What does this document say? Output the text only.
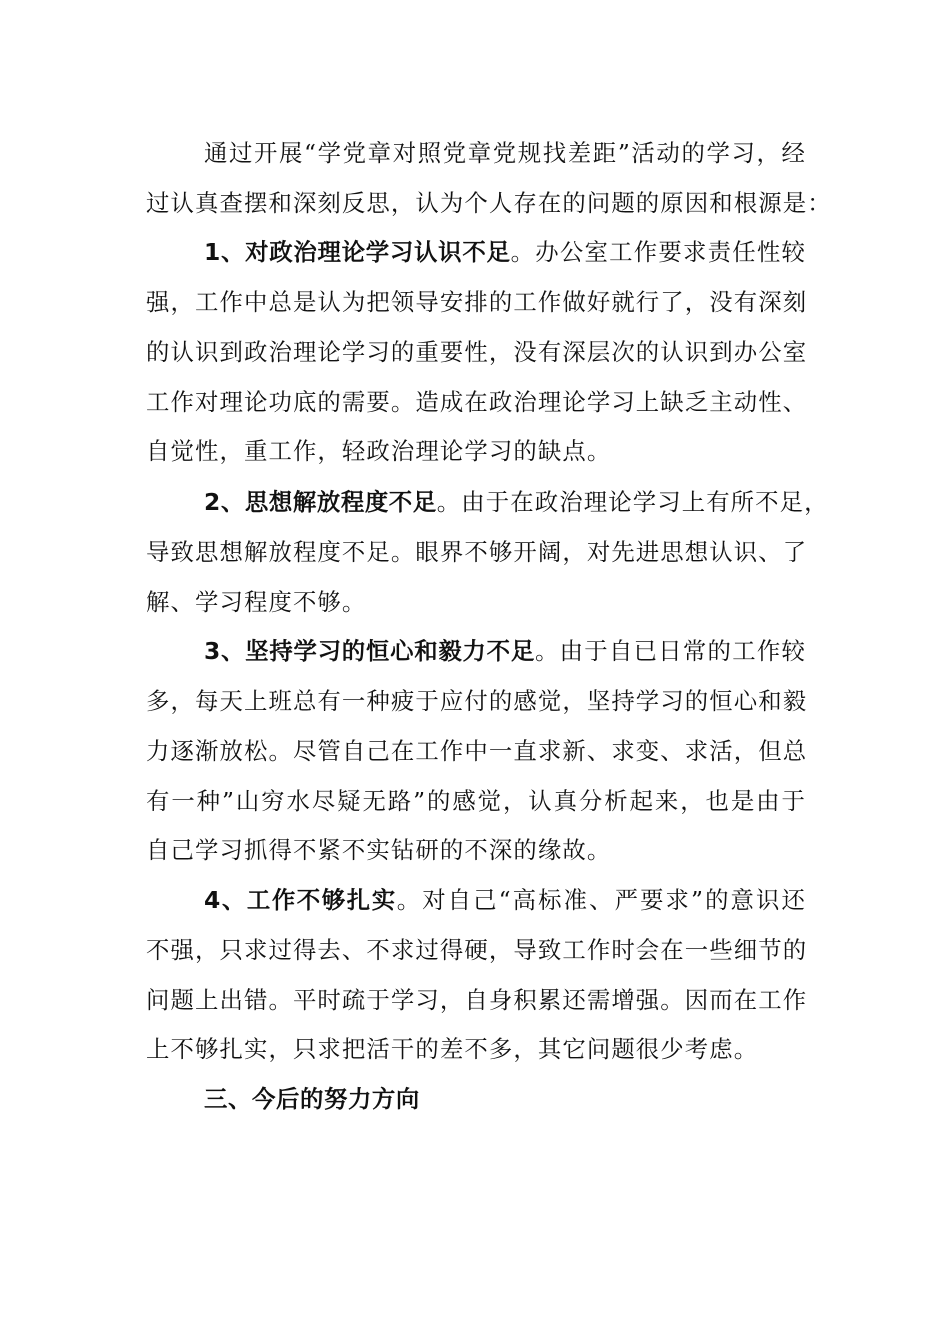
通过开展“学党章对照党章党规找差距”活动的学习，经
过认真查摆和深刻反思，认为个人存在的问题的原因和根源是：
1、对政治理论学习认识不足。办公室工作要求责任性较
强，工作中总是认为把领导安排的工作做好就行了，没有深刻
的认识到政治理论学习的重要性，没有深层次的认识到办公室
工作对理论功底的需要。造成在政治理论学习上缺乏主动性、
自觉性，重工作，轻政治理论学习的缺点。
2、思想解放程度不足。由于在政治理论学习上有所不足，
导致思想解放程度不足。眼界不够开阔，对先进思想认识、了
解、学习程度不够。
3、坚持学习的恒心和毅力不足。由于自已日常的工作较
多，每天上班总有一种疲于应付的感觉，坚持学习的恒心和毅
力逐渐放松。尽管自己在工作中一直求新、求变、求活，但总
有一种”山穷水尽疑无路”的感觉，认真分析起来，也是由于
自己学习抓得不紧不实钻研的不深的缘故。
4、工作不够扎实。对自己“高标准、严要求”的意识还
不强，只求过得去、不求过得硬，导致工作时会在一些细节的
问题上出错。平时疏于学习，自身积累还需增强。因而在工作
上不够扎实，只求把活干的差不多，其它问题很少考虑。
三、今后的努力方向
